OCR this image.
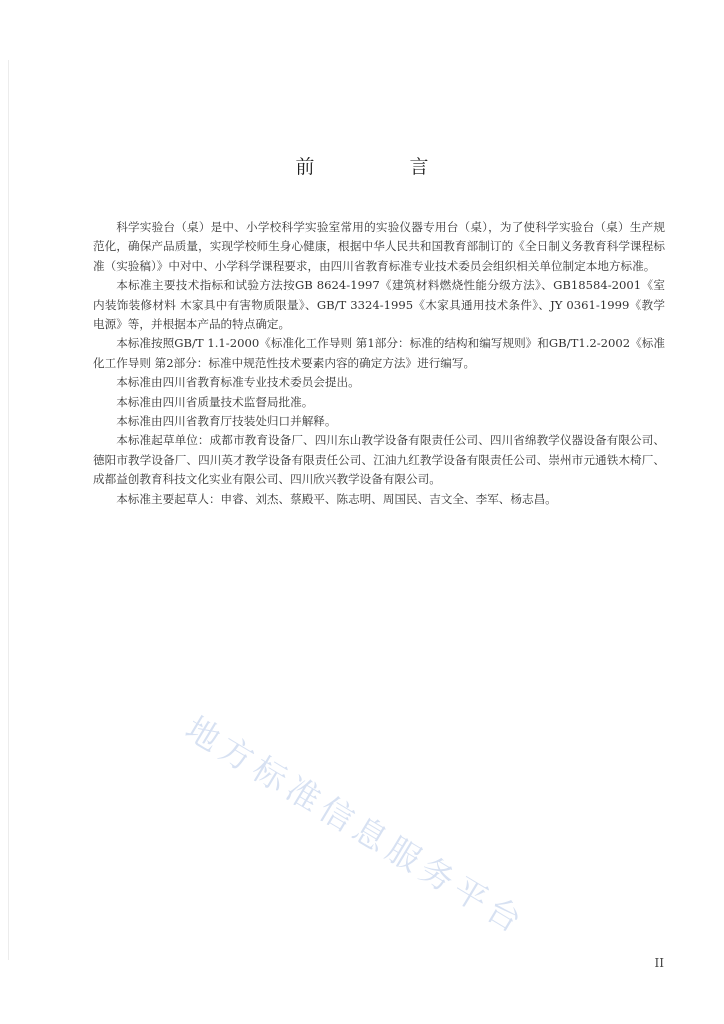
前　言

科学实验台（桌）是中、小学校科学实验室常用的实验仪器专用台（桌），为了使科学实验台（桌）生产规范化，确保产品质量，实现学校师生身心健康，根据中华人民共和国教育部制订的《全日制义务教育科学课程标准（实验稿）》中对中、小学科学课程要求，由四川省教育标准专业技术委员会组织相关单位制定本地方标准。

本标准主要技术指标和试验方法按GB 8624-1997《建筑材料燃烧性能分级方法》、GB18584-2001《室内装饰装修材料 木家具中有害物质限量》、GB/T 3324-1995《木家具通用技术条件》、JY 0361-1999《教学电源》等，并根据本产品的特点确定。

本标准按照GB/T 1.1-2000《标准化工作导则 第1部分：标准的结构和编写规则》和GB/T1.2-2002《标准化工作导则 第2部分：标准中规范性技术要素内容的确定方法》进行编写。

本标准由四川省教育标准专业技术委员会提出。

本标准由四川省质量技术监督局批准。

本标准由四川省教育厅技装处归口并解释。

本标准起草单位：成都市教育设备厂、四川东山教学设备有限责任公司、四川省绵教学仪器设备有限公司、德阳市教学设备厂、四川英才教学设备有限责任公司、江油九红教学设备有限责任公司、崇州市元通铁木椅厂、成都益创教育科技文化实业有限公司、四川欣兴教学设备有限公司。

本标准主要起草人：申睿、刘杰、蔡殿平、陈志明、周国民、吉文全、李军、杨志昌。

地方标准信息服务平台
II
